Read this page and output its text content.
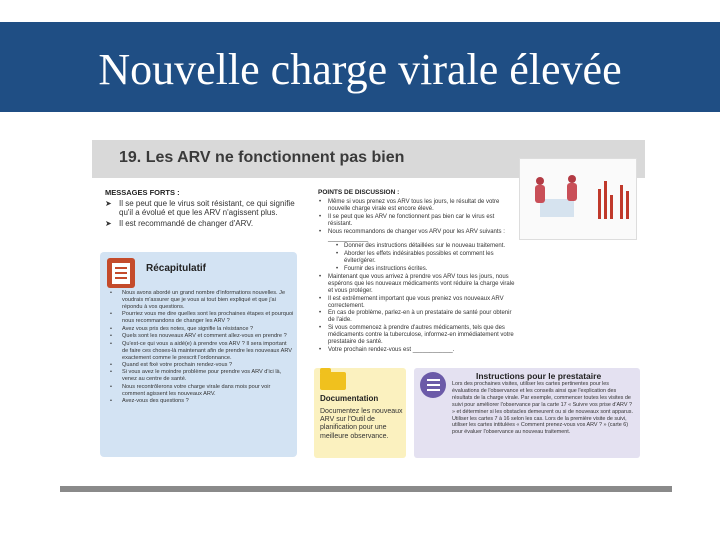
Nouvelle charge virale élevée
19. Les ARV ne fonctionnent pas bien
MESSAGES FORTS :
➤ Il se peut que le virus soit résistant, ce qui signifie qu'il a évolué et que les ARV n'agissent plus.
➤ Il est recommandé de changer d'ARV.
Récapitulatif
• Nous avons abordé un grand nombre d'informations nouvelles. Je voudrais m'assurer que je vous ai tout bien expliqué et que j'ai répondu à vos questions.
• Pourriez vous me dire quelles sont les prochaines étapes et pourquoi nous recommandons de changer les ARV ?
• Avez vous pris des notes, que signifie la résistance ?
• Quels sont les nouveaux ARV et comment allez-vous en prendre ?
• Qu'est-ce qui vous a aidé(e) à prendre vos ARV ? Il sera important de faire ces choses-là maintenant afin de prendre les nouveaux ARV exactement comme le prescrit l'ordonnance.
• Quand est fixé votre prochain rendez-vous ?
• Si vous avez le moindre problème pour prendre vos ARV d'ici là, venez au centre de santé.
• Nous recontrôlerons votre charge virale dans mois pour voir comment agissent les nouveaux ARV.
• Avez-vous des questions ?
POINTS DE DISCUSSION :
• Même si vous prenez vos ARV tous les jours, le résultat de votre nouvelle charge virale est encore élevé.
• Il se peut que les ARV ne fonctionnent pas bien car le virus est résistant.
• Nous recommandons de changer vos ARV pour les ARV suivants : ____________
• Donner des instructions détaillées sur le nouveau traitement.
• Aborder les effets indésirables possibles et comment les éviter/gérer.
• Fournir des instructions écrites.
• Maintenant que vous arrivez à prendre vos ARV tous les jours, nous espérons que les nouveaux médicaments vont réduire la charge virale et vous protéger.
• Il est extrêmement important que vous preniez vos nouveaux ARV correctement.
• En cas de problème, parlez-en à un prestataire de santé pour obtenir de l'aide.
• Si vous commencez à prendre d'autres médicaments, tels que des médicaments contre la tuberculose, informez-en immédiatement votre prestataire de santé.
• Votre prochain rendez-vous est ____________.
Documentation
Documentez les nouveaux ARV sur l'Outil de planification pour une meilleure observance.
Instructions pour le prestataire
Lors des prochaines visites, utiliser les cartes pertinentes pour les évaluations de l'observance et les conseils ainsi que l'explication des résultats de la charge virale. Par exemple, commencer toutes les visites de suivi pour améliorer l'observance par la carte 17 « Suivre vos prise d'ARV ? » et déterminer si les obstacles demeurent ou si de nouveaux sont apparus. Utiliser les cartes 7 à 16 selon les cas. Lors de la première visite de suivi, utiliser les cartes intitulées « Comment prenez-vous vos ARV ? » (carte 6) pour évaluer l'observance au nouveau traitement.
